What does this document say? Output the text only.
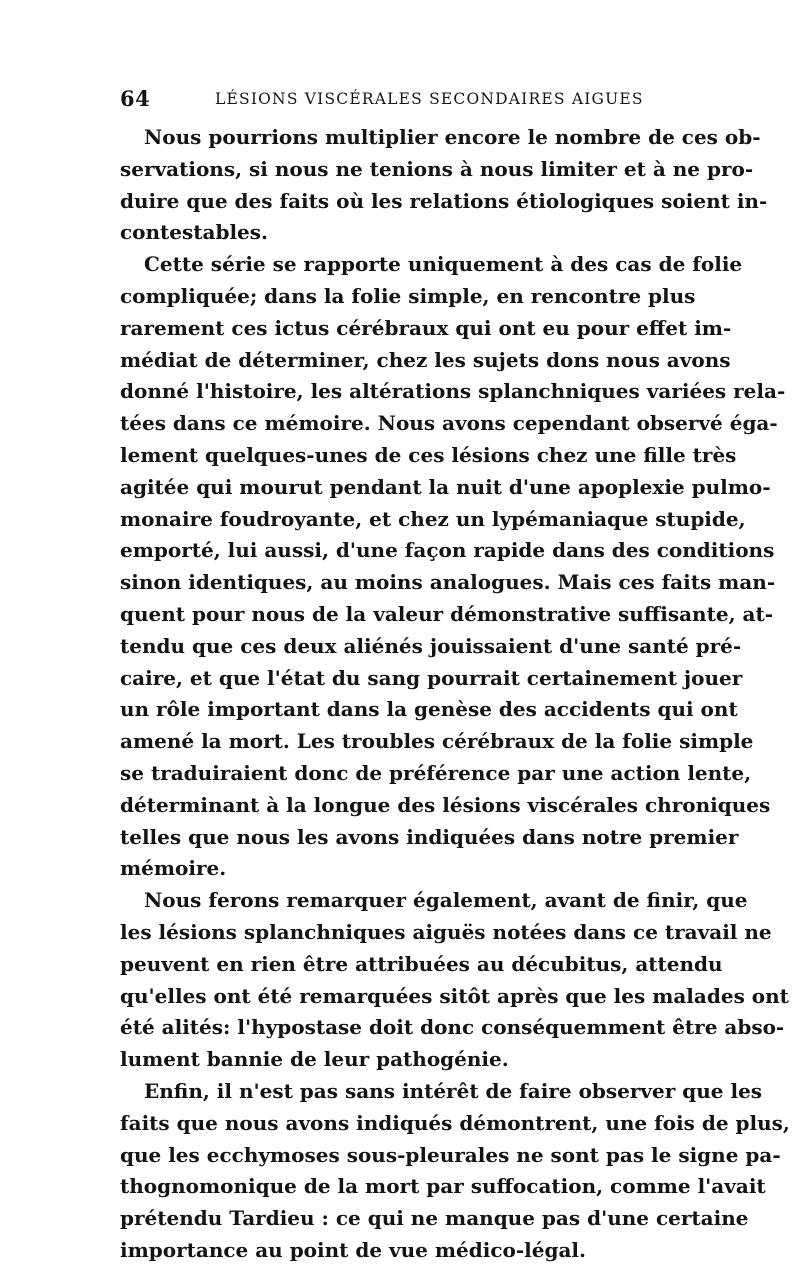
64	LÉSIONS VISCÉRALES SECONDAIRES AIGUES
Nous pourrions multiplier encore le nombre de ces ob-
servations, si nous ne tenions à nous limiter et à ne pro-
duire que des faits où les relations étiologiques soient in-
contestables.
Cette série se rapporte uniquement à des cas de folie
compliquée; dans la folie simple, en rencontre plus
rarement ces ictus cérébraux qui ont eu pour effet im-
médiat de déterminer, chez les sujets dons nous avons
donné l'histoire, les altérations splanchniques variées rela-
tées dans ce mémoire. Nous avons cependant observé éga-
lement quelques-unes de ces lésions chez une fille très
agitée qui mourut pendant la nuit d'une apoplexie pulmo-
monaire foudroyante, et chez un lypémaniaque stupide,
emporté, lui aussi, d'une façon rapide dans des conditions
sinon identiques, au moins analogues. Mais ces faits man-
quent pour nous de la valeur démonstrative suffisante, at-
tendu que ces deux aliénés jouissaient d'une santé pré-
caire, et que l'état du sang pourrait certainement jouer
un rôle important dans la genèse des accidents qui ont
amené la mort. Les troubles cérébraux de la folie simple
se traduiraient donc de préférence par une action lente,
déterminant à la longue des lésions viscérales chroniques
telles que nous les avons indiquées dans notre premier
mémoire.
Nous ferons remarquer également, avant de finir, que
les lésions splanchniques aiguës notées dans ce travail ne
peuvent en rien être attribuées au décubitus, attendu
qu'elles ont été remarquées sitôt après que les malades ont
été alités: l'hypostase doit donc conséquemment être abso-
lument bannie de leur pathogénie.
Enfin, il n'est pas sans intérêt de faire observer que les
faits que nous avons indiqués démontrent, une fois de plus,
que les ecchymoses sous-pleurales ne sont pas le signe pa-
thognomonique de la mort par suffocation, comme l'avait
prétendu Tardieu : ce qui ne manque pas d'une certaine
importance au point de vue médico-légal.
